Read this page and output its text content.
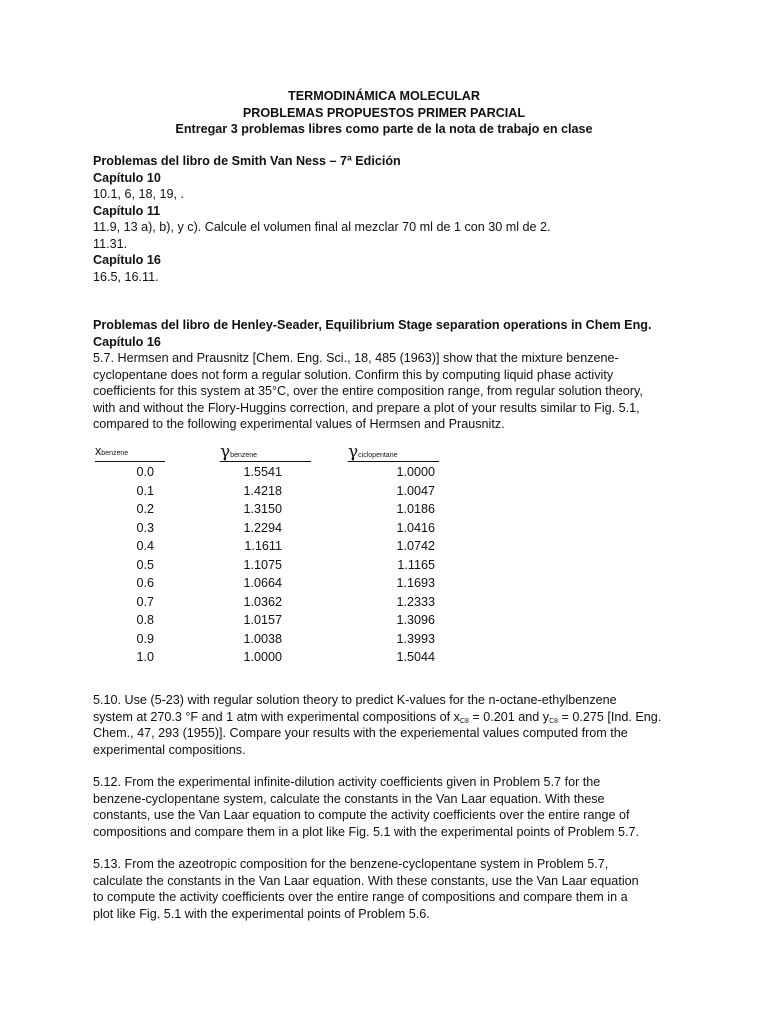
TERMODINÁMICA MOLECULAR
PROBLEMAS PROPUESTOS PRIMER PARCIAL
Entregar 3 problemas libres como parte de la nota de trabajo en clase
Problemas del libro de Smith Van Ness – 7ª Edición
Capítulo 10
10.1, 6, 18, 19, .
Capítulo 11
11.9, 13 a), b), y c). Calcule el volumen final al mezclar 70 ml de 1 con 30 ml de 2.
11.31.
Capítulo 16
16.5, 16.11.
Problemas del libro de Henley-Seader, Equilibrium Stage separation operations in Chem Eng.
Capítulo 16
5.7. Hermsen and Prausnitz [Chem. Eng. Sci., 18, 485 (1963)] show that the mixture benzene-
cyclopentane does not form a regular solution. Confirm this by computing liquid phase activity
coefficients for this system at 35°C, over the entire composition range, from regular solution theory,
with and without the Flory-Huggins correction, and prepare a plot of your results similar to Fig. 5.1,
compared to the following experimental values of Hermsen and Prausnitz.
xbenzene	γbenzene	γciclopentane
0.0	1.5541	1.0000
0.1	1.4218	1.0047
0.2	1.3150	1.0186
0.3	1.2294	1.0416
0.4	1.1611	1.0742
0.5	1.1075	1.1165
0.6	1.0664	1.1693
0.7	1.0362	1.2333
0.8	1.0157	1.3096
0.9	1.0038	1.3993
1.0	1.0000	1.5044
5.10. Use (5-23) with regular solution theory to predict K-values for the n-octane-ethylbenzene
system at 270.3 °F and 1 atm with experimental compositions of $x_{C8} = 0.201$ and $y_{C8} = 0.275$ [Ind. Eng.
Chem., 47, 293 (1955)]. Compare your results with the experiemental values computed from the
experimental compositions.
5.12. From the experimental infinite-dilution activity coefficients given in Problem 5.7 for the
benzene-cyclopentane system, calculate the constants in the Van Laar equation. With these
constants, use the Van Laar equation to compute the activity coefficients over the entire range of
compositions and compare them in a plot like Fig. 5.1 with the experimental points of Problem 5.7.
5.13. From the azeotropic composition for the benzene-cyclopentane system in Problem 5.7,
calculate the constants in the Van Laar equation. With these constants, use the Van Laar equation
to compute the activity coefficients over the entire range of compositions and compare them in a
plot like Fig. 5.1 with the experimental points of Problem 5.6.
